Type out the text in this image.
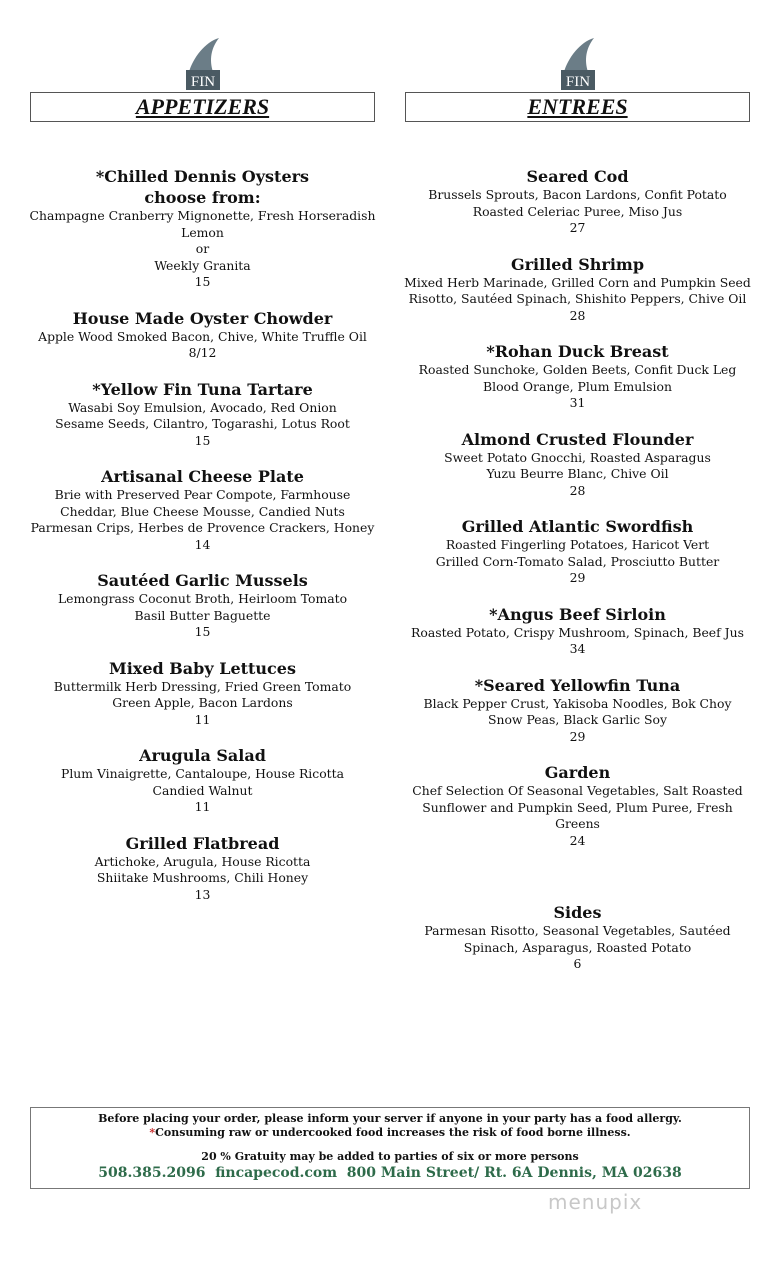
FIN	FIN
APPETIZERS	ENTREES
*Chilled Dennis Oysters
choose from:
Champagne Cranberry Mignonette, Fresh Horseradish
Lemon
or
Weekly Granita
15
House Made Oyster Chowder
Apple Wood Smoked Bacon, Chive, White Truffle Oil
8/12
*Yellow Fin Tuna Tartare
Wasabi Soy Emulsion, Avocado, Red Onion
Sesame Seeds, Cilantro, Togarashi, Lotus Root
15
Artisanal Cheese Plate
Brie with Preserved Pear Compote, Farmhouse
Cheddar, Blue Cheese Mousse, Candied Nuts
Parmesan Crips, Herbes de Provence Crackers, Honey
14
Sautéed Garlic Mussels
Lemongrass Coconut Broth, Heirloom Tomato
Basil Butter Baguette
15
Mixed Baby Lettuces
Buttermilk Herb Dressing, Fried Green Tomato
Green Apple, Bacon Lardons
11
Arugula Salad
Plum Vinaigrette, Cantaloupe, House Ricotta
Candied Walnut
11
Grilled Flatbread
Artichoke, Arugula, House Ricotta
Shiitake Mushrooms, Chili Honey
13
Seared Cod
Brussels Sprouts, Bacon Lardons, Confit Potato
Roasted Celeriac Puree, Miso Jus
27
Grilled Shrimp
Mixed Herb Marinade, Grilled Corn and Pumpkin Seed
Risotto, Sautéed Spinach, Shishito Peppers, Chive Oil
28
*Rohan Duck Breast
Roasted Sunchoke, Golden Beets, Confit Duck Leg
Blood Orange, Plum Emulsion
31
Almond Crusted Flounder
Sweet Potato Gnocchi, Roasted Asparagus
Yuzu Beurre Blanc, Chive Oil
28
Grilled Atlantic Swordfish
Roasted Fingerling Potatoes, Haricot Vert
Grilled Corn-Tomato Salad, Prosciutto Butter
29
*Angus Beef Sirloin
Roasted Potato, Crispy Mushroom, Spinach, Beef Jus
34
*Seared Yellowfin Tuna
Black Pepper Crust, Yakisoba Noodles, Bok Choy
Snow Peas, Black Garlic Soy
29
Garden
Chef Selection Of Seasonal Vegetables, Salt Roasted
Sunflower and Pumpkin Seed, Plum Puree, Fresh
Greens
24
Sides
Parmesan Risotto, Seasonal Vegetables, Sautéed
Spinach, Asparagus, Roasted Potato
6
Before placing your order, please inform your server if anyone in your party has a food allergy.
*Consuming raw or undercooked food increases the risk of food borne illness.
20 % Gratuity may be added to parties of six or more persons
508.385.2096  fincapecod.com  800 Main Street/ Rt. 6A Dennis, MA 02638
menupix
